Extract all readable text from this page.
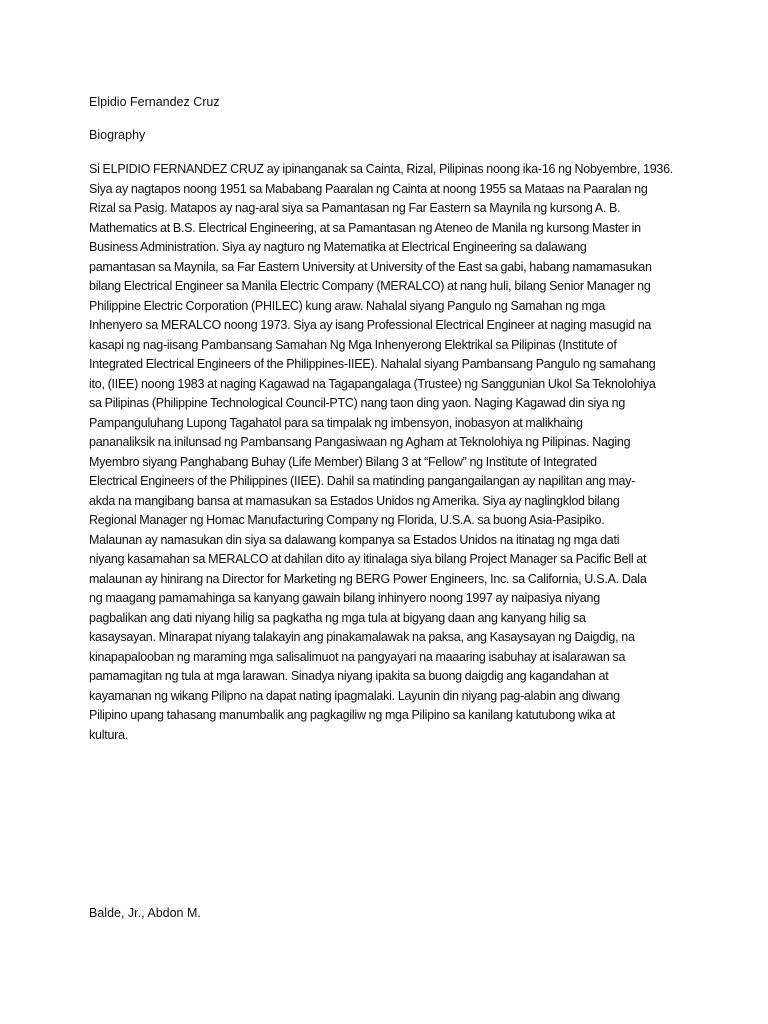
Elpidio Fernandez Cruz

Biography

Si ELPIDIO FERNANDEZ CRUZ ay ipinanganak sa Cainta, Rizal, Pilipinas noong ika-16 ng Nobyembre, 1936.
Siya ay nagtapos noong 1951 sa Mababang Paaralan ng Cainta at noong 1955 sa Mataas na Paaralan ng
Rizal sa Pasig. Matapos ay nag-aral siya sa Pamantasan ng Far Eastern sa Maynila ng kursong A. B.
Mathematics at B.S. Electrical Engineering, at sa Pamantasan ng Ateneo de Manila ng kursong Master in
Business Administration. Siya ay nagturo ng Matematika at Electrical Engineering sa dalawang
pamantasan sa Maynila, sa Far Eastern University at University of the East sa gabi, habang namamasukan
bilang Electrical Engineer sa Manila Electric Company (MERALCO) at nang huli, bilang Senior Manager ng
Philippine Electric Corporation (PHILEC) kung araw. Nahalal siyang Pangulo ng Samahan ng mga
Inhenyero sa MERALCO noong 1973. Siya ay isang Professional Electrical Engineer at naging masugid na
kasapi ng nag-iisang Pambansang Samahan Ng Mga Inhenyerong Elektrikal sa Pilipinas (Institute of
Integrated Electrical Engineers of the Philippines-IIEE). Nahalal siyang Pambansang Pangulo ng samahang
ito, (IIEE) noong 1983 at naging Kagawad na Tagapangalaga (Trustee) ng Sanggunian Ukol Sa Teknolohiya
sa Pilipinas (Philippine Technological Council-PTC) nang taon ding yaon. Naging Kagawad din siya ng
Pampanguluhang Lupong Tagahatol para sa timpalak ng imbensyon, inobasyon at malikhaing
pananaliksik na inilunsad ng Pambansang Pangasiwaan ng Agham at Teknolohiya ng Pilipinas. Naging
Myembro siyang Panghabang Buhay (Life Member) Bilang 3 at “Fellow” ng Institute of Integrated
Electrical Engineers of the Philippines (IIEE). Dahil sa matinding pangangailangan ay napilitan ang may-
akda na mangibang bansa at mamasukan sa Estados Unidos ng Amerika. Siya ay naglingklod bilang
Regional Manager ng Homac Manufacturing Company ng Florida, U.S.A. sa buong Asia-Pasipiko.
Malaunan ay namasukan din siya sa dalawang kompanya sa Estados Unidos na itinatag ng mga dati
niyang kasamahan sa MERALCO at dahilan dito ay itinalaga siya bilang Project Manager sa Pacific Bell at
malaunan ay hinirang na Director for Marketing ng BERG Power Engineers, Inc. sa California, U.S.A. Dala
ng maagang pamamahinga sa kanyang gawain bilang inhinyero noong 1997 ay naipasiya niyang
pagbalikan ang dati niyang hilig sa pagkatha ng mga tula at bigyang daan ang kanyang hilig sa
kasaysayan. Minarapat niyang talakayin ang pinakamalawak na paksa, ang Kasaysayan ng Daigdig, na
kinapapalooban ng maraming mga salisalimuot na pangyayari na maaaring isabuhay at isalarawan sa
pamamagitan ng tula at mga larawan. Sinadya niyang ipakita sa buong daigdig ang kagandahan at
kayamanan ng wikang Pilipno na dapat nating ipagmalaki. Layunin din niyang pag-alabin ang diwang
Pilipino upang tahasang manumbalik ang pagkagiliw ng mga Pilipino sa kanilang katutubong wika at
kultura.

Balde, Jr., Abdon M.
